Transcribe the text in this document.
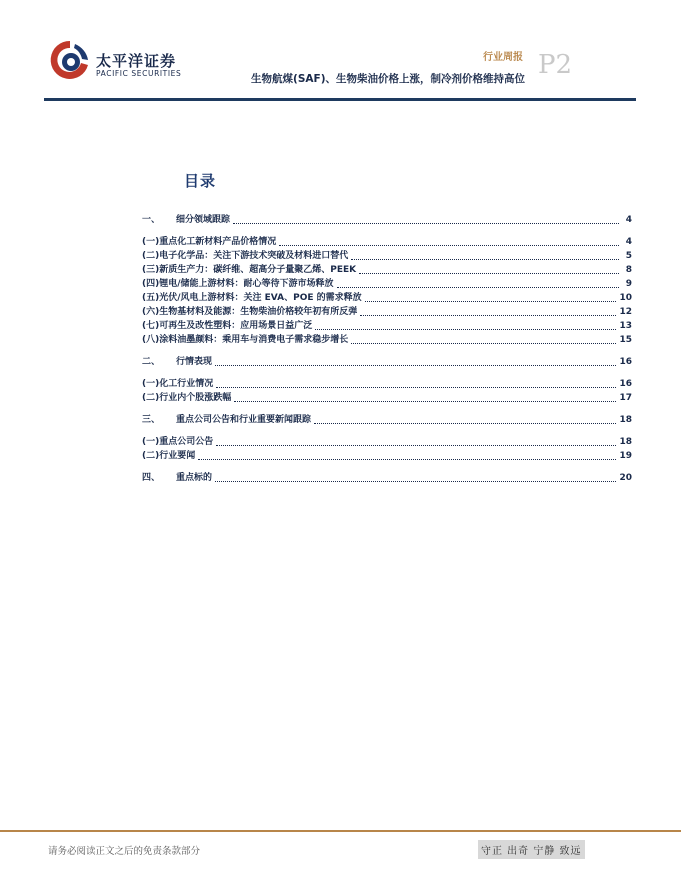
太平洋证券
PACIFIC SECURITIES
行业周报 P2
生物航煤(SAF)、生物柴油价格上涨，制冷剂价格维持高位
目录
一、	细分领域跟踪	4
(一) 重点化工新材料产品价格情况	4
(二) 电子化学品：关注下游技术突破及材料进口替代	5
(三) 新质生产力：碳纤维、超高分子量聚乙烯、PEEK	8
(四) 锂电/储能上游材料：耐心等待下游市场释放	9
(五) 光伏/风电上游材料：关注 EVA、POE 的需求释放	10
(六) 生物基材料及能源：生物柴油价格较年初有所反弹	12
(七) 可再生及改性塑料：应用场景日益广泛	13
(八) 涂料油墨颜料：乘用车与消费电子需求稳步增长	15
二、	行情表现	16
(一) 化工行业情况	16
(二) 行业内个股涨跌幅	17
三、	重点公司公告和行业重要新闻跟踪	18
(一) 重点公司公告	18
(二) 行业要闻	19
四、	重点标的	20
请务必阅读正文之后的免责条款部分	守正 出奇 宁静 致远
